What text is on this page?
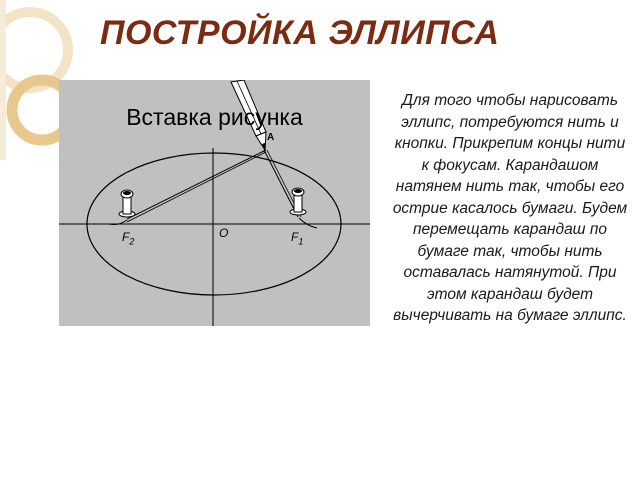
ПОСТРОЙКА ЭЛЛИПСА
Вставка рисунка
A
$F_2$
O	$F_1$

Для того чтобы нарисовать эллипс, потребуются нить и кнопки. Прикрепим концы нити к фокусам. Карандашом натянем нить так, чтобы его острие касалось бумаги. Будем перемещать карандаш по бумаге так, чтобы нить оставалась натянутой. При этом карандаш будет вычерчивать на бумаге эллипс.
